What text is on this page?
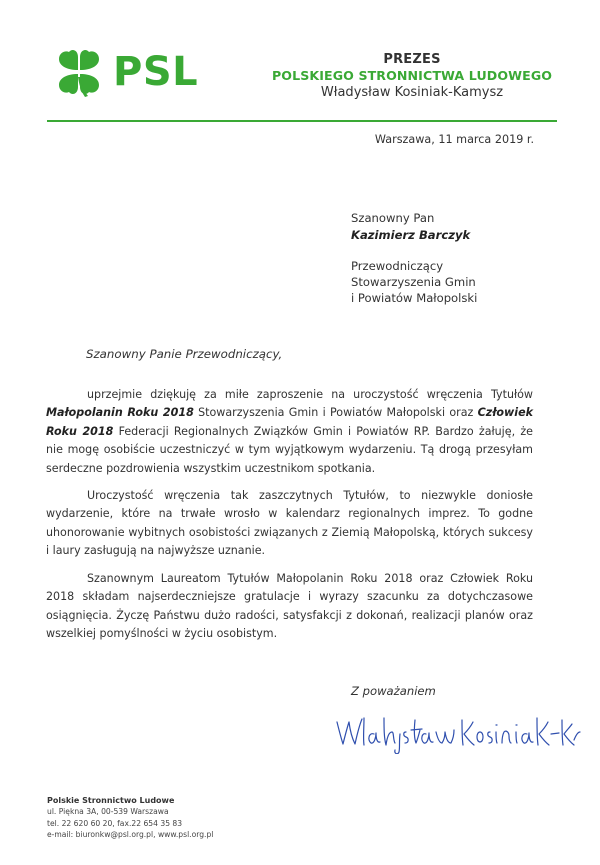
PSL	PREZES
POLSKIEGO STRONNICTWA LUDOWEGO
Władysław Kosiniak-Kamysz
Warszawa, 11 marca 2019 r.
Szanowny Pan
Kazimierz Barczyk
Przewodniczący
Stowarzyszenia Gmin
i Powiatów Małopolski
Szanowny Panie Przewodniczący,

uprzejmie dziękuję za miłe zaproszenie na uroczystość wręczenia Tytułów Małopolanin Roku 2018 Stowarzyszenia Gmin i Powiatów Małopolski oraz Człowiek Roku 2018 Federacji Regionalnych Związków Gmin i Powiatów RP. Bardzo żałuję, że nie mogę osobiście uczestniczyć w tym wyjątkowym wydarzeniu. Tą drogą przesyłam serdeczne pozdrowienia wszystkim uczestnikom spotkania.

Uroczystość wręczenia tak zaszczytnych Tytułów, to niezwykle doniosłe wydarzenie, które na trwałe wrosło w kalendarz regionalnych imprez. To godne uhonorowanie wybitnych osobistości związanych z Ziemią Małopolską, których sukcesy i laury zasługują na najwyższe uznanie.

Szanownym Laureatom Tytułów Małopolanin Roku 2018 oraz Człowiek Roku 2018 składam najserdeczniejsze gratulacje i wyrazy szacunku za dotychczasowe osiągnięcia. Życzę Państwu dużo radości, satysfakcji z dokonań, realizacji planów oraz wszelkiej pomyślności w życiu osobistym.

Z poważaniem
Polskie Stronnictwo Ludowe
ul. Piękna 3A, 00-539 Warszawa
tel. 22 620 60 20, fax.22 654 35 83
e-mail: biuronkw@psl.org.pl, www.psl.org.pl
